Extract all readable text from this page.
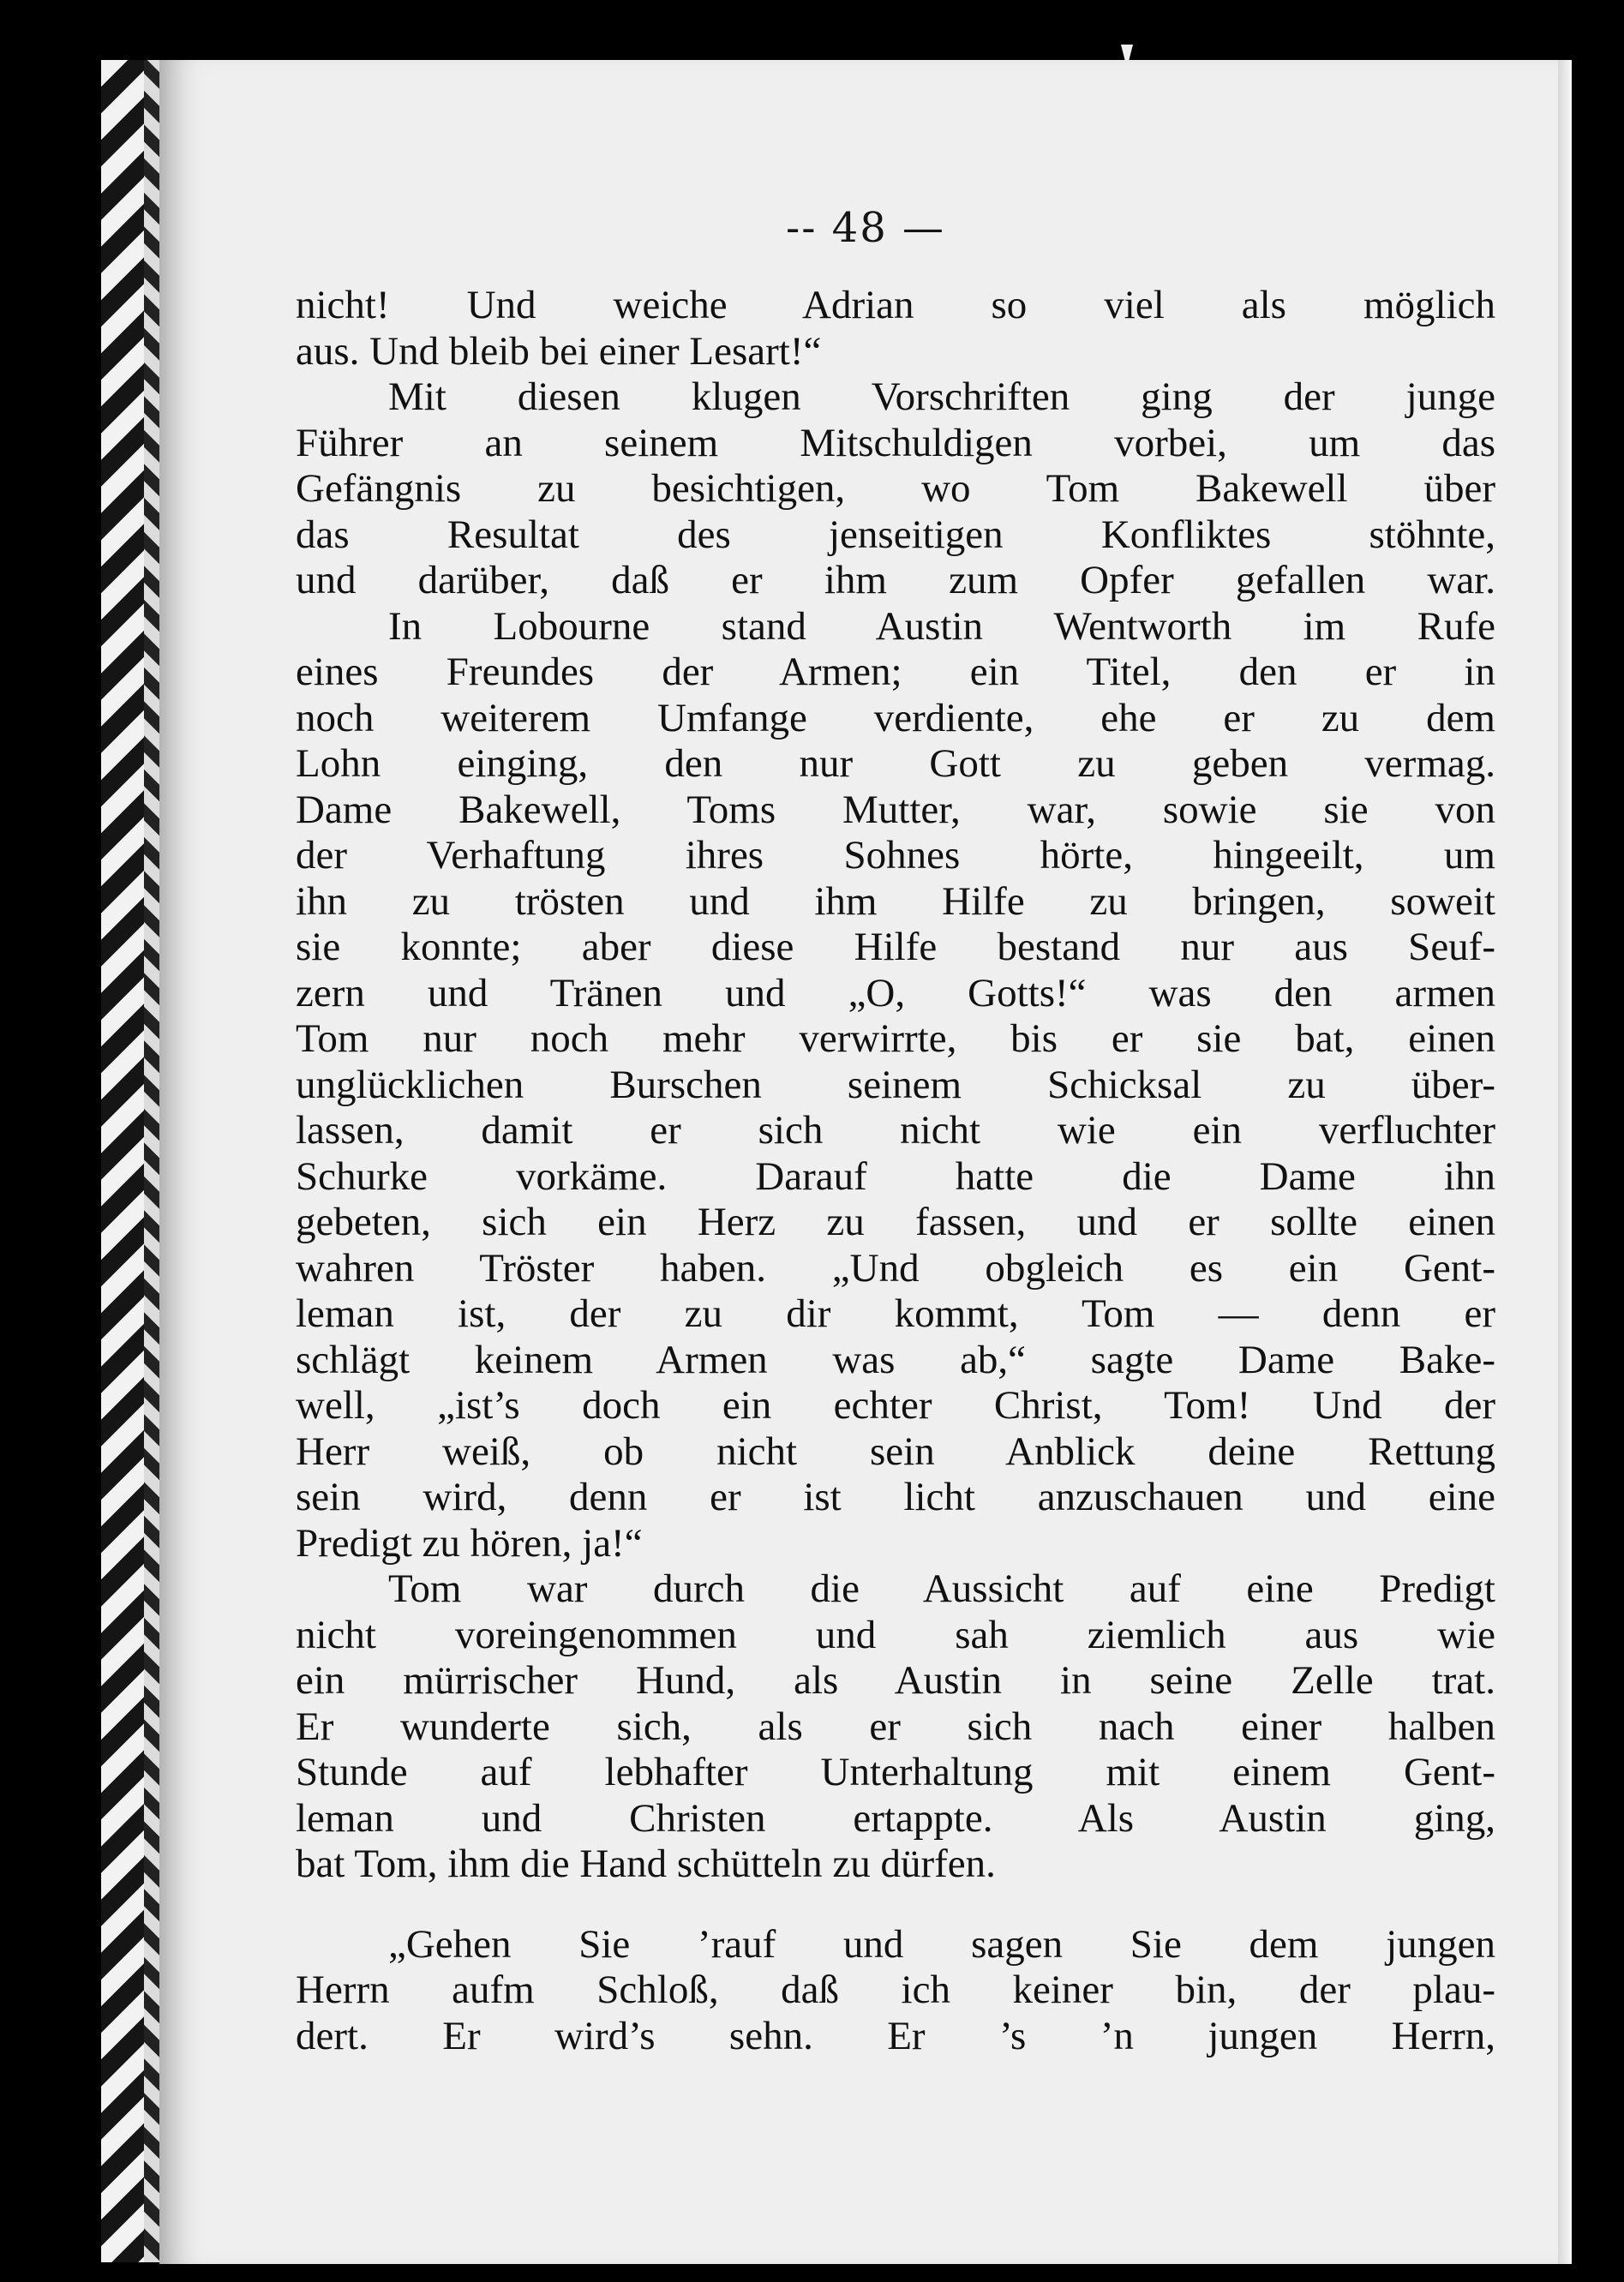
-- 48 —
nicht! Und weiche Adrian so viel als möglich
aus. Und bleib bei einer Lesart!“
Mit diesen klugen Vorschriften ging der junge
Führer an seinem Mitschuldigen vorbei, um das
Gefängnis zu besichtigen, wo Tom Bakewell über
das Resultat des jenseitigen Konfliktes stöhnte,
und darüber, daß er ihm zum Opfer gefallen war.
In Lobourne stand Austin Wentworth im Rufe
eines Freundes der Armen; ein Titel, den er in
noch weiterem Umfange verdiente, ehe er zu dem
Lohn einging, den nur Gott zu geben vermag.
Dame Bakewell, Toms Mutter, war, sowie sie von
der Verhaftung ihres Sohnes hörte, hingeeilt, um
ihn zu trösten und ihm Hilfe zu bringen, soweit
sie konnte; aber diese Hilfe bestand nur aus Seuf-
zern und Tränen und „O, Gotts!“ was den armen
Tom nur noch mehr verwirrte, bis er sie bat, einen
unglücklichen Burschen seinem Schicksal zu über-
lassen, damit er sich nicht wie ein verfluchter
Schurke vorkäme. Darauf hatte die Dame ihn
gebeten, sich ein Herz zu fassen, und er sollte einen
wahren Tröster haben. „Und obgleich es ein Gent-
leman ist, der zu dir kommt, Tom — denn er
schlägt keinem Armen was ab,“ sagte Dame Bake-
well, „ist’s doch ein echter Christ, Tom! Und der
Herr weiß, ob nicht sein Anblick deine Rettung
sein wird, denn er ist licht anzuschauen und eine
Predigt zu hören, ja!“
Tom war durch die Aussicht auf eine Predigt
nicht voreingenommen und sah ziemlich aus wie
ein mürrischer Hund, als Austin in seine Zelle trat.
Er wunderte sich, als er sich nach einer halben
Stunde auf lebhafter Unterhaltung mit einem Gent-
leman und Christen ertappte. Als Austin ging,
bat Tom, ihm die Hand schütteln zu dürfen.
„Gehen Sie ’rauf und sagen Sie dem jungen
Herrn aufm Schloß, daß ich keiner bin, der plau-
dert. Er wird’s sehn. Er ’s ’n jungen Herrn,
